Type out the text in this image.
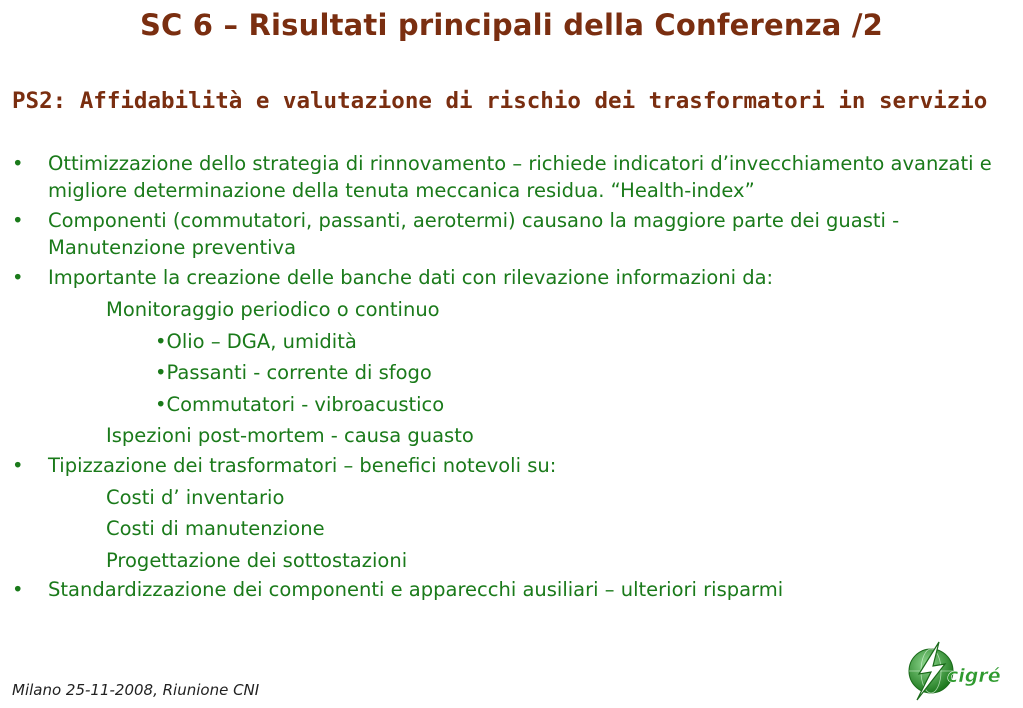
SC 6 – Risultati principali della Conferenza /2
PS2: Affidabilità e valutazione di rischio dei trasformatori in servizio
• Ottimizzazione dello strategia di rinnovamento – richiede indicatori d’invecchiamento avanzati e migliore determinazione della tenuta meccanica residua. “Health-index”
• Componenti (commutatori, passanti, aerotermi) causano la maggiore parte dei guasti - Manutenzione preventiva
• Importante la creazione delle banche dati con rilevazione informazioni da:
Monitoraggio periodico o continuo
•Olio – DGA, umidità
•Passanti - corrente di sfogo
•Commutatori - vibroacustico
Ispezioni post-mortem - causa guasto
• Tipizzazione dei trasformatori – benefici notevoli su:
Costi d’ inventario
Costi di manutenzione
Progettazione dei sottostazioni
• Standardizzazione dei componenti e apparecchi ausiliari – ulteriori risparmi
Milano 25-11-2008, Riunione CNI
cigré
